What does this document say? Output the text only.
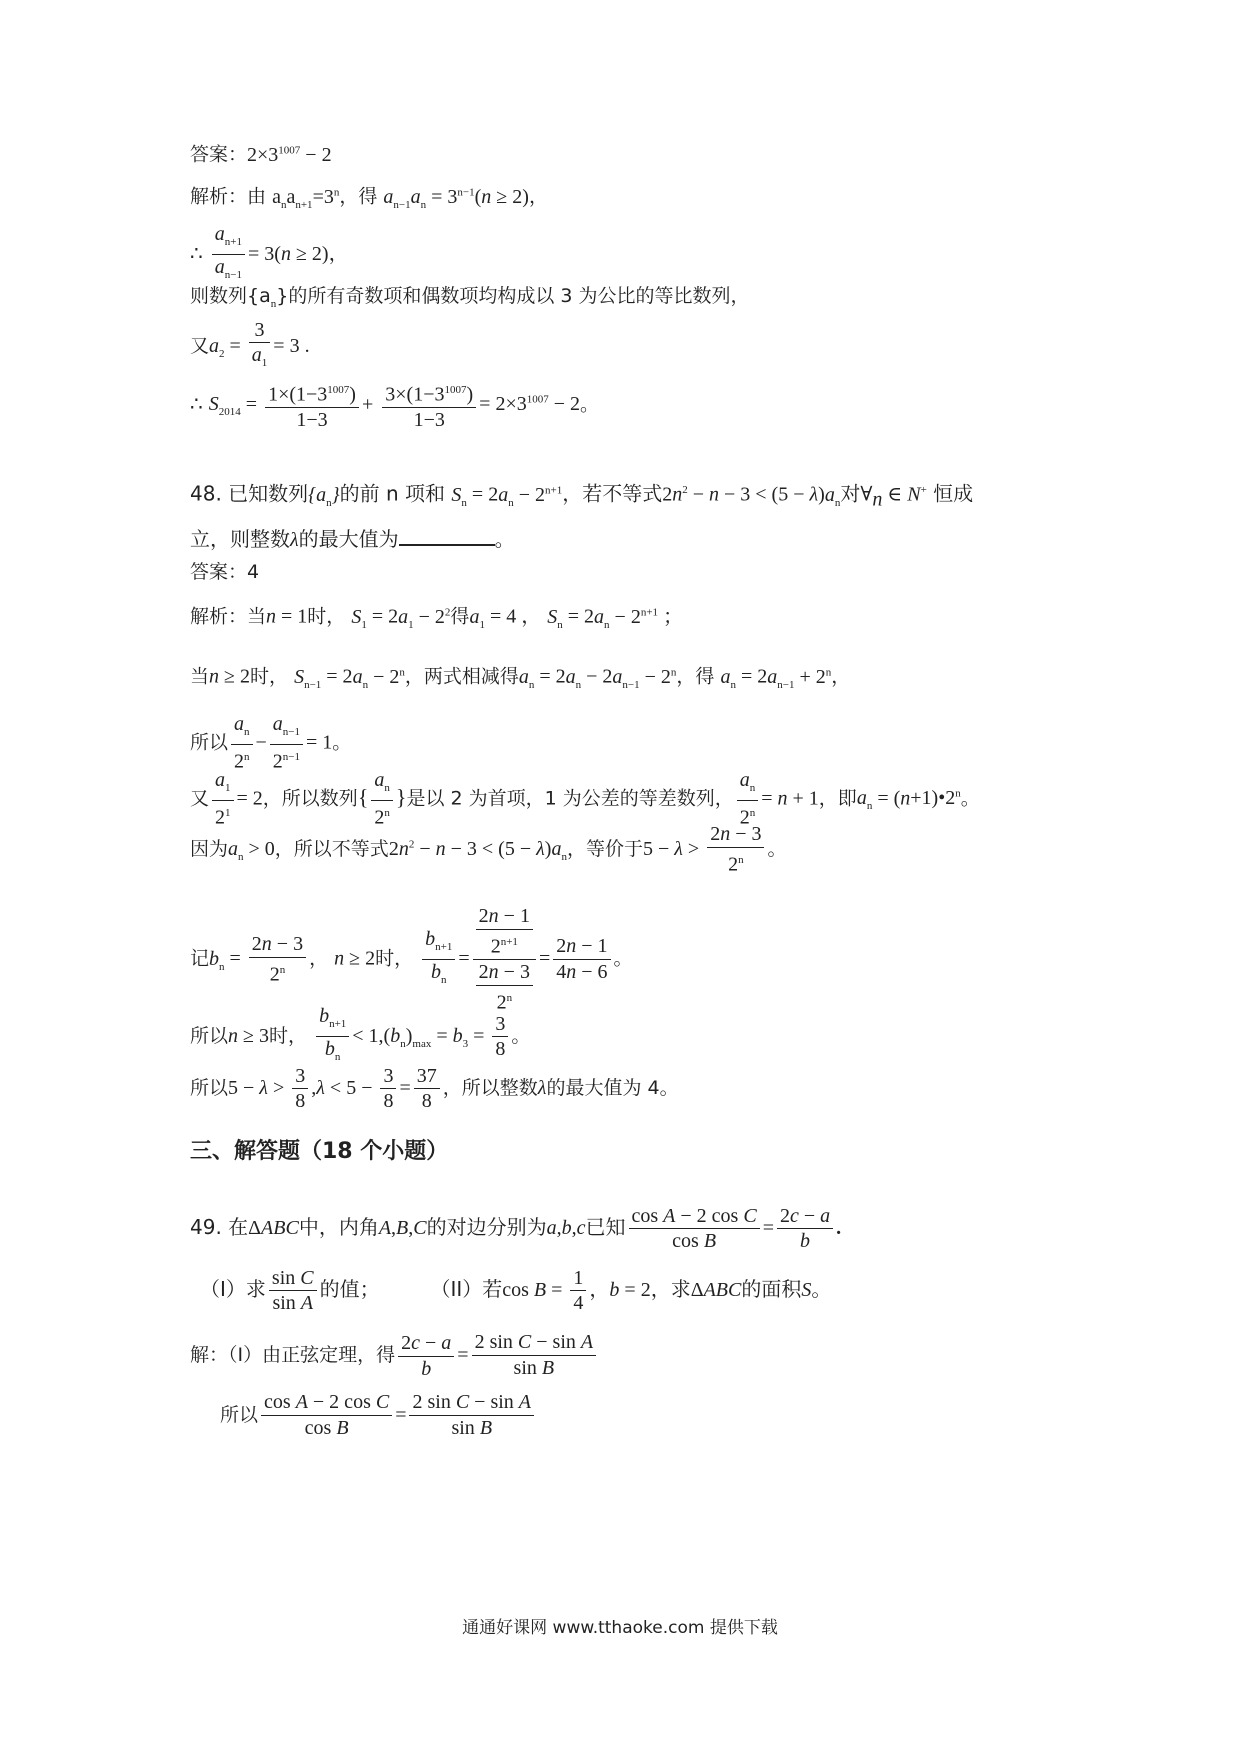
答案：$2\times 3^{1007} - 2$
解析：由 $a_na_{n+1}=3^n$，得 $a_{n-1}a_n = 3^{n-1}(n \ge 2)$，
∴ $\frac{a_{n+1}}{a_{n-1}} = 3(n \ge 2)$，
则数列$\{a_n\}$的所有奇数项和偶数项均构成以 3 为公比的等比数列，
又$a_2 = \frac{3}{a_1} = 3$ .
∴ $S_{2014} = \frac{1\times(1-3^{1007})}{1-3} + \frac{3\times(1-3^{1007})}{1-3} = 2\times 3^{1007} - 2$。
48. 已知数列$\{a_n\}$的前 n 项和 $S_n = 2a_n - 2^{n+1}$，若不等式$2n^2 - n - 3 < (5 - \lambda)a_n$对$\forall_n$ ∈ N+ 恒成
立，则整数λ的最大值为	。
答案：4
解析：当n = 1时， $S_1 = 2a_1 - 2^2$得$a_1 = 4$ ， $S_n = 2a_n - 2^{n+1}$ ；
当n ≥ 2时， $S_{n-1} = 2a_n - 2^n$，两式相减得$a_n = 2a_n - 2a_{n-1} - 2^n$，得 $a_n = 2a_{n-1} + 2^n$，
所以 $\frac{a_n}{2^n} - \frac{a_{n-1}}{2^{n-1}} = 1$。
又 $\frac{a_1}{2^1} = 2$，所以数列{ $\frac{a_n}{2^n}$ }是以 2 为首项，1 为公差的等差数列， $\frac{a_n}{2^n} = n + 1$，即$a_n$ = $(n+1)•2^n$。
因为$a_n > 0$，所以不等式$2n^2 - n - 3 < (5 - \lambda)a_n$，等价于$5 - \lambda > \frac{2n - 3}{2^n}$ 。
记$b_n = \frac{2n - 3}{2^n}$ ， n ≥ 2时， $\frac{b_{n+1}}{b_n} = \frac{\frac{2n - 1}{2^{n+1}}}{\frac{2n - 3}{2^n}} = \frac{2n - 1}{4n - 6}$ 。
所以n ≥ 3时， $\frac{b_{n+1}}{b_n} < 1,(b_n)_{max} = b_3 = \frac{3}{8}$ 。
所以$5 - \lambda > \frac{3}{8} ,\lambda < 5 - \frac{3}{8} = \frac{37}{8}$ ，所以整数λ的最大值为 4。
三、解答题（18 个小题）
49. 在ΔABC中，内角A,B,C的对边分别为a,b,c已知 $\frac{\text{cos A − 2 cos C}}{\text{cos B}} = \frac{2c - a}{b}$ .
（I）求 $\frac{\text{sin C}}{\text{sin A}}$ 的值；	（II）若$\cos B = \frac{1}{4}$ ，b = 2，求ΔABC的面积S。
解：（I）由正弦定理，得 $\frac{2c - a}{b} = \frac{\text{2 sin C − sin A}}{\text{sin B}}$
所以 $\frac{\text{cos A − 2 cos C}}{\text{cos B}} = \frac{\text{2 sin C − sin A}}{\text{sin B}}$
通通好课网 www.tthaoke.com 提供下载
